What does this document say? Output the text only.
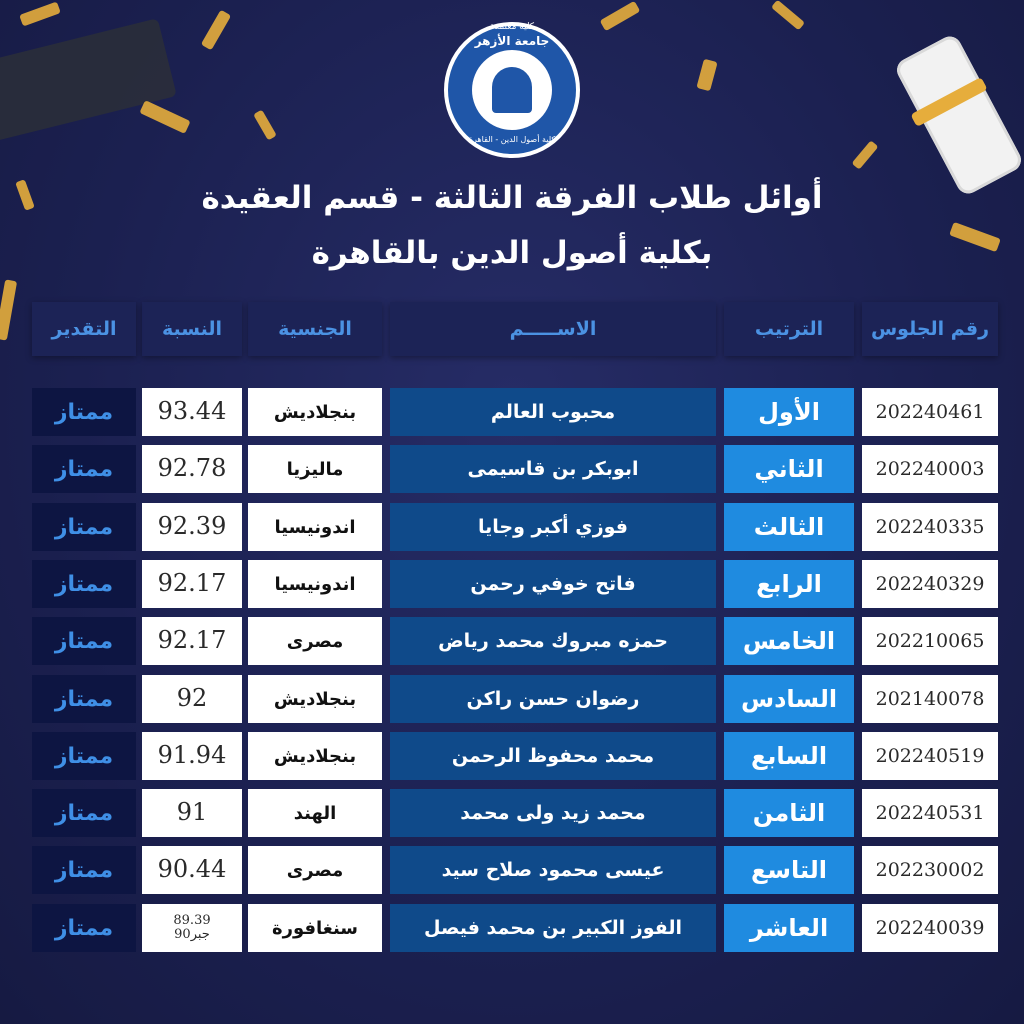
كلية معتمدة
جامعة الأزهر
كلية أصول الدين - القاهرة
أوائل طلاب الفرقة الثالثة - قسم العقيدة
بكلية أصول الدين بالقاهرة
رقم الجلوس
الترتيب
الاســـــم
الجنسية
النسبة
التقدير
202240461
الأول
محبوب العالم
بنجلاديش
93.44
ممتاز
202240003
الثاني
ابوبكر بن قاسيمى
ماليزيا
92.78
ممتاز
202240335
الثالث
فوزي أكبر وجايا
اندونيسيا
92.39
ممتاز
202240329
الرابع
فاتح خوفي رحمن
اندونيسيا
92.17
ممتاز
202210065
الخامس
حمزه مبروك محمد رياض
مصرى
92.17
ممتاز
202140078
السادس
رضوان حسن راكن
بنجلاديش
92
ممتاز
202240519
السابع
محمد محفوظ الرحمن
بنجلاديش
91.94
ممتاز
202240531
الثامن
محمد زيد ولى محمد
الهند
91
ممتاز
202230002
التاسع
عيسى محمود صلاح سيد
مصرى
90.44
ممتاز
202240039
العاشر
الفوز الكبير بن محمد فيصل
سنغافورة
89.39
جبر90
ممتاز
